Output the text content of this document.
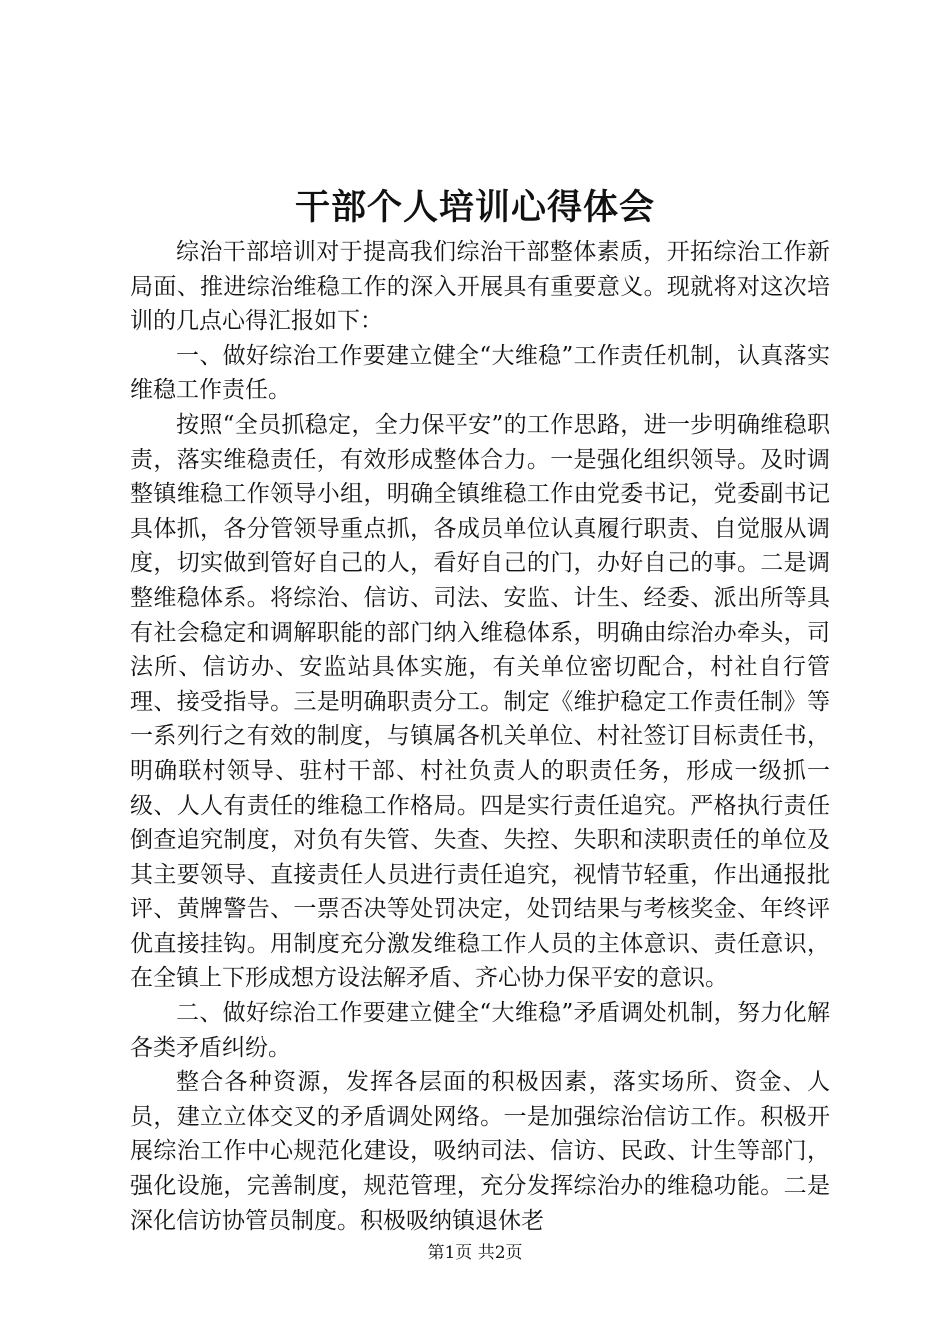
干部个人培训心得体会

综治干部培训对于提高我们综治干部整体素质，开拓综治工作新局面、推进综治维稳工作的深入开展具有重要意义。现就将对这次培训的几点心得汇报如下：

一、做好综治工作要建立健全“大维稳”工作责任机制，认真落实维稳工作责任。

按照“全员抓稳定，全力保平安”的工作思路，进一步明确维稳职责，落实维稳责任，有效形成整体合力。一是强化组织领导。及时调整镇维稳工作领导小组，明确全镇维稳工作由党委书记，党委副书记具体抓，各分管领导重点抓，各成员单位认真履行职责、自觉服从调度，切实做到管好自己的人，看好自己的门，办好自己的事。二是调整维稳体系。将综治、信访、司法、安监、计生、经委、派出所等具有社会稳定和调解职能的部门纳入维稳体系，明确由综治办牵头，司法所、信访办、安监站具体实施，有关单位密切配合，村社自行管理、接受指导。三是明确职责分工。制定《维护稳定工作责任制》等一系列行之有效的制度，与镇属各机关单位、村社签订目标责任书，明确联村领导、驻村干部、村社负责人的职责任务，形成一级抓一级、人人有责任的维稳工作格局。四是实行责任追究。严格执行责任倒查追究制度，对负有失管、失查、失控、失职和渎职责任的单位及其主要领导、直接责任人员进行责任追究，视情节轻重，作出通报批评、黄牌警告、一票否决等处罚决定，处罚结果与考核奖金、年终评优直接挂钩。用制度充分激发维稳工作人员的主体意识、责任意识，在全镇上下形成想方设法解矛盾、齐心协力保平安的意识。

二、做好综治工作要建立健全“大维稳”矛盾调处机制，努力化解各类矛盾纠纷。

整合各种资源，发挥各层面的积极因素，落实场所、资金、人员，建立立体交叉的矛盾调处网络。一是加强综治信访工作。积极开展综治工作中心规范化建设，吸纳司法、信访、民政、计生等部门，强化设施，完善制度，规范管理，充分发挥综治办的维稳功能。二是深化信访协管员制度。积极吸纳镇退休老

第1页 共2页
